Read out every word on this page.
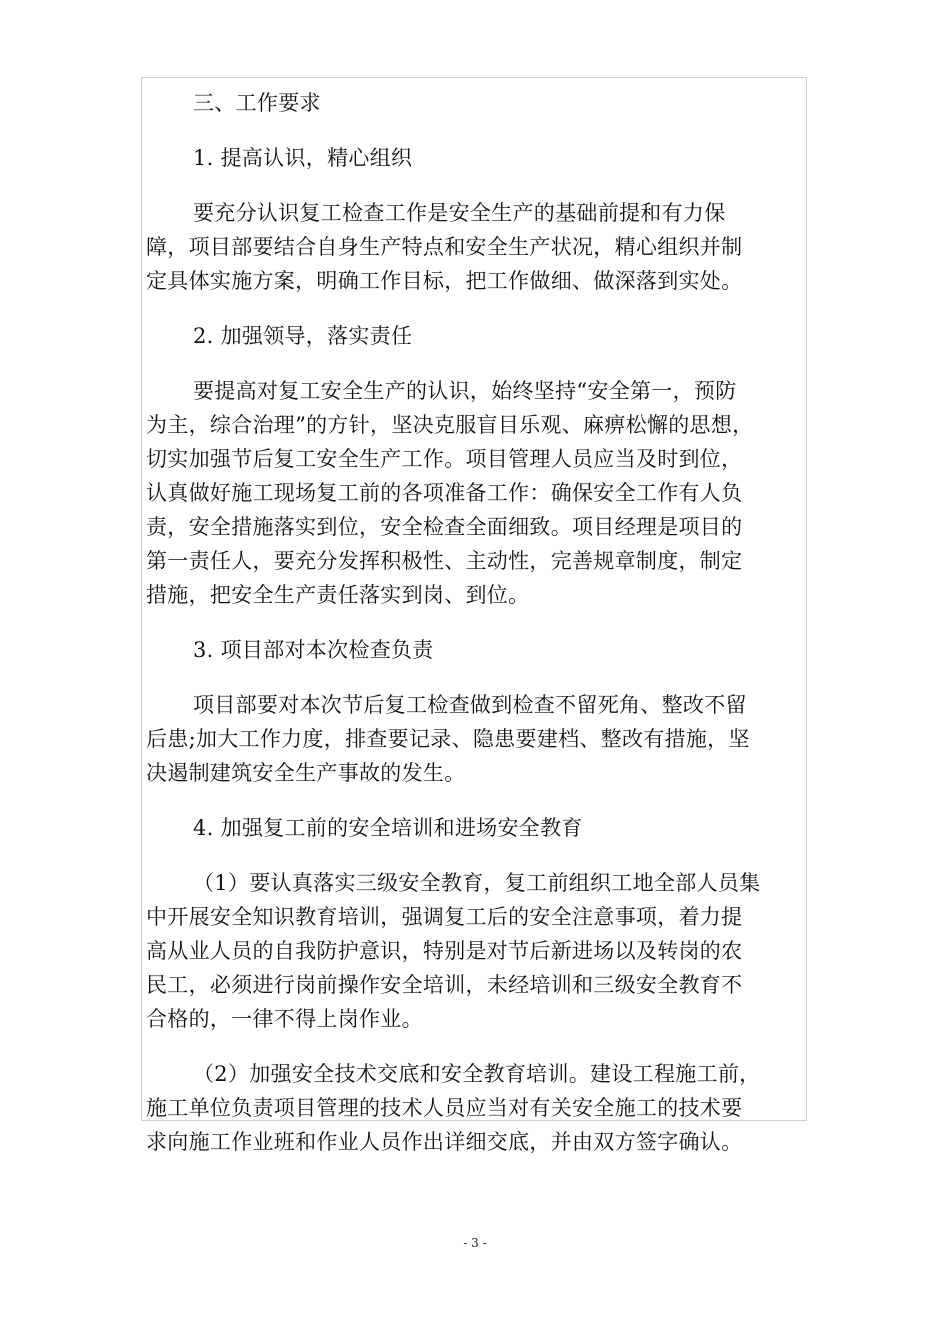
三、工作要求
1. 提高认识，精心组织
要充分认识复工检查工作是安全生产的基础前提和有力保
障，项目部要结合自身生产特点和安全生产状况，精心组织并制
定具体实施方案，明确工作目标，把工作做细、做深落到实处。
2. 加强领导，落实责任
要提高对复工安全生产的认识，始终坚持“安全第一，预防
为主，综合治理”的方针，坚决克服盲目乐观、麻痹松懈的思想，
切实加强节后复工安全生产工作。项目管理人员应当及时到位，
认真做好施工现场复工前的各项准备工作：确保安全工作有人负
责，安全措施落实到位，安全检查全面细致。项目经理是项目的
第一责任人，要充分发挥积极性、主动性，完善规章制度，制定
措施，把安全生产责任落实到岗、到位。
3. 项目部对本次检查负责
项目部要对本次节后复工检查做到检查不留死角、整改不留
后患;加大工作力度，排查要记录、隐患要建档、整改有措施，坚
决遏制建筑安全生产事故的发生。
4. 加强复工前的安全培训和进场安全教育
（1）要认真落实三级安全教育，复工前组织工地全部人员集
中开展安全知识教育培训，强调复工后的安全注意事项，着力提
高从业人员的自我防护意识，特别是对节后新进场以及转岗的农
民工，必须进行岗前操作安全培训，未经培训和三级安全教育不
合格的，一律不得上岗作业。
（2）加强安全技术交底和安全教育培训。建设工程施工前，
施工单位负责项目管理的技术人员应当对有关安全施工的技术要
求向施工作业班和作业人员作出详细交底，并由双方签字确认。
- 3 -
